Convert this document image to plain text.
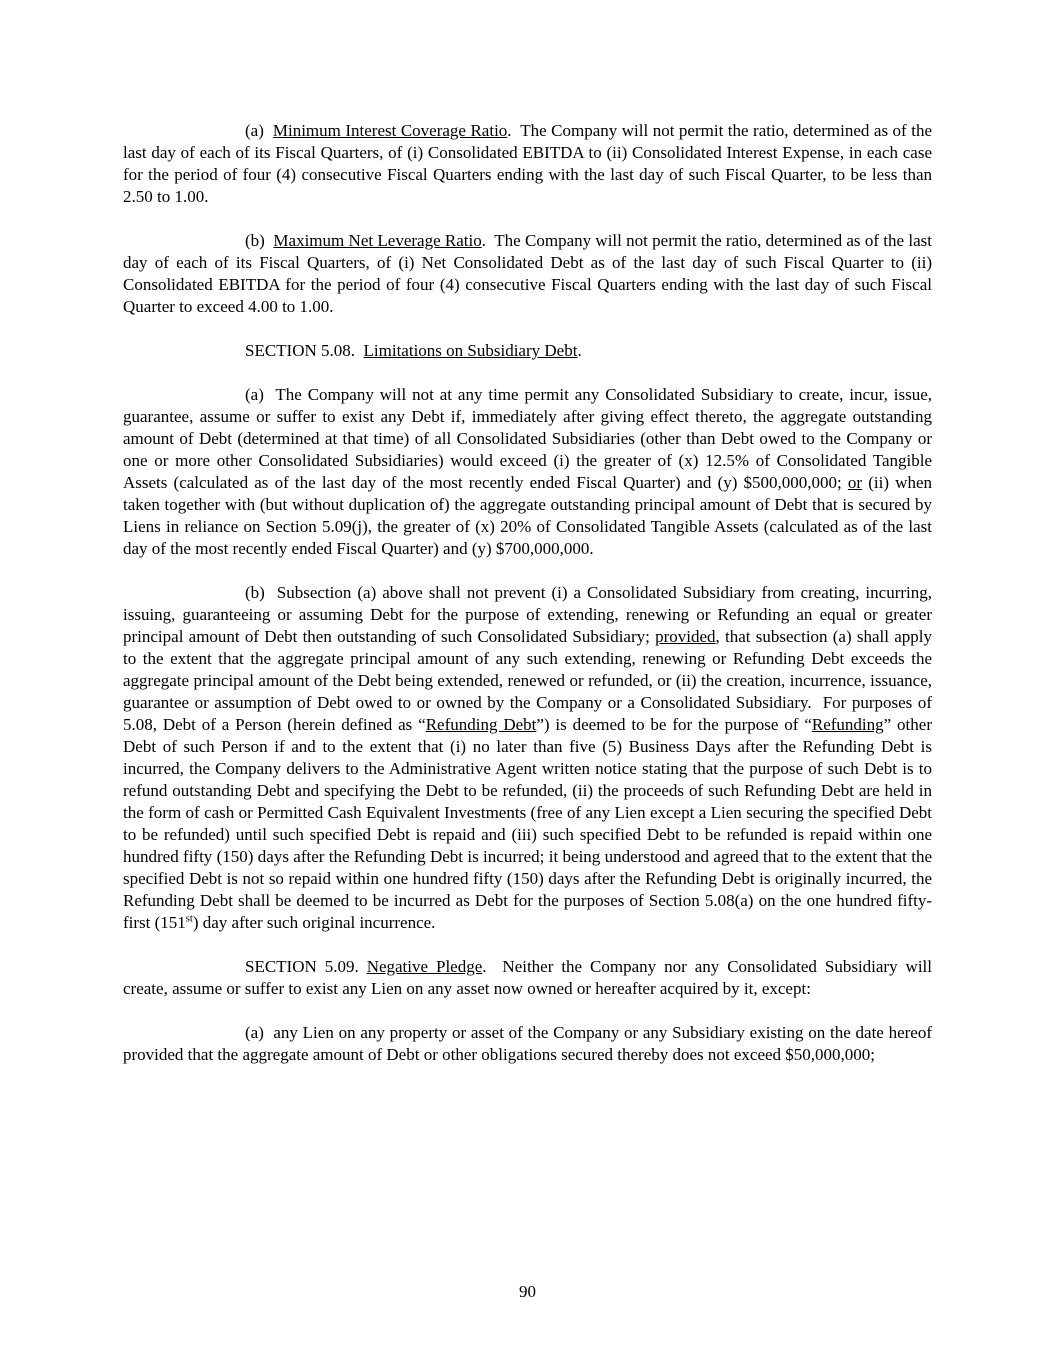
(a)  Minimum Interest Coverage Ratio.  The Company will not permit the ratio, determined as of the last day of each of its Fiscal Quarters, of (i) Consolidated EBITDA to (ii) Consolidated Interest Expense, in each case for the period of four (4) consecutive Fiscal Quarters ending with the last day of such Fiscal Quarter, to be less than 2.50 to 1.00.

(b)  Maximum Net Leverage Ratio.  The Company will not permit the ratio, determined as of the last day of each of its Fiscal Quarters, of (i) Net Consolidated Debt as of the last day of such Fiscal Quarter to (ii) Consolidated EBITDA for the period of four (4) consecutive Fiscal Quarters ending with the last day of such Fiscal Quarter to exceed 4.00 to 1.00.

SECTION 5.08.  Limitations on Subsidiary Debt.

(a)  The Company will not at any time permit any Consolidated Subsidiary to create, incur, issue, guarantee, assume or suffer to exist any Debt if, immediately after giving effect thereto, the aggregate outstanding amount of Debt (determined at that time) of all Consolidated Subsidiaries (other than Debt owed to the Company or one or more other Consolidated Subsidiaries) would exceed (i) the greater of (x) 12.5% of Consolidated Tangible Assets (calculated as of the last day of the most recently ended Fiscal Quarter) and (y) $500,000,000; or (ii) when taken together with (but without duplication of) the aggregate outstanding principal amount of Debt that is secured by Liens in reliance on Section 5.09(j), the greater of (x) 20% of Consolidated Tangible Assets (calculated as of the last day of the most recently ended Fiscal Quarter) and (y) $700,000,000.

(b)  Subsection (a) above shall not prevent (i) a Consolidated Subsidiary from creating, incurring, issuing, guaranteeing or assuming Debt for the purpose of extending, renewing or Refunding an equal or greater principal amount of Debt then outstanding of such Consolidated Subsidiary; provided, that subsection (a) shall apply to the extent that the aggregate principal amount of any such extending, renewing or Refunding Debt exceeds the aggregate principal amount of the Debt being extended, renewed or refunded, or (ii) the creation, incurrence, issuance, guarantee or assumption of Debt owed to or owned by the Company or a Consolidated Subsidiary.  For purposes of 5.08, Debt of a Person (herein defined as “Refunding Debt”) is deemed to be for the purpose of “Refunding” other Debt of such Person if and to the extent that (i) no later than five (5) Business Days after the Refunding Debt is incurred, the Company delivers to the Administrative Agent written notice stating that the purpose of such Debt is to refund outstanding Debt and specifying the Debt to be refunded, (ii) the proceeds of such Refunding Debt are held in the form of cash or Permitted Cash Equivalent Investments (free of any Lien except a Lien securing the specified Debt to be refunded) until such specified Debt is repaid and (iii) such specified Debt to be refunded is repaid within one hundred fifty (150) days after the Refunding Debt is incurred; it being understood and agreed that to the extent that the specified Debt is not so repaid within one hundred fifty (150) days after the Refunding Debt is originally incurred, the Refunding Debt shall be deemed to be incurred as Debt for the purposes of Section 5.08(a) on the one hundred fifty-first (151st) day after such original incurrence.

SECTION 5.09. Negative Pledge.  Neither the Company nor any Consolidated Subsidiary will create, assume or suffer to exist any Lien on any asset now owned or hereafter acquired by it, except:

(a)  any Lien on any property or asset of the Company or any Subsidiary existing on the date hereof provided that the aggregate amount of Debt or other obligations secured thereby does not exceed $50,000,000;

90
